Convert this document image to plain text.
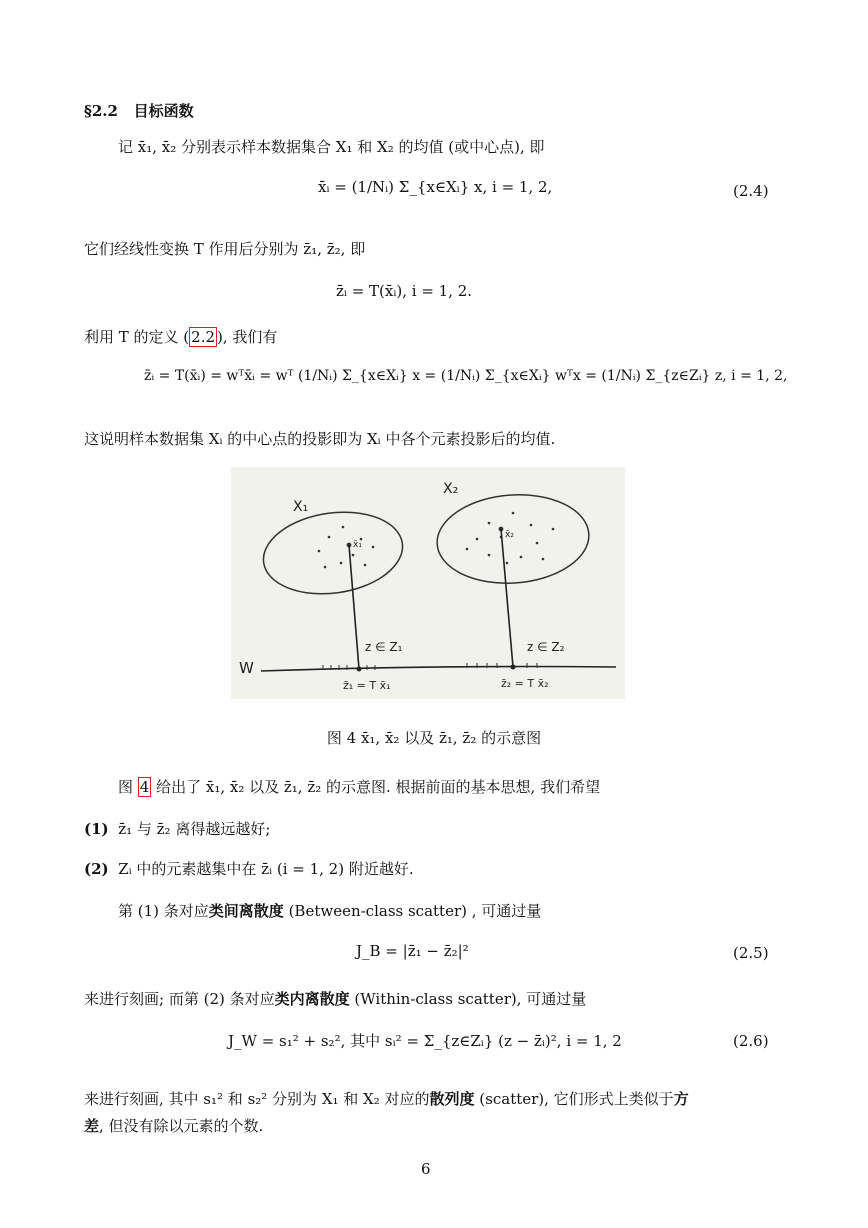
§2.2 目标函数
记 x̄₁, x̄₂ 分别表示样本数据集合 X₁ 和 X₂ 的均值 (或中心点), 即
x̄ᵢ = (1/Nᵢ) Σ_{x∈Xᵢ} x, i = 1, 2,	(2.4)
它们经线性变换 T 作用后分别为 z̄₁, z̄₂, 即
z̄ᵢ = T(x̄ᵢ), i = 1, 2.
利用 T 的定义 ( 2.2 ), 我们有
z̄ᵢ = T(x̄ᵢ) = wᵀx̄ᵢ = wᵀ (1/Nᵢ) Σ_{x∈Xᵢ} x = (1/Nᵢ) Σ_{x∈Xᵢ} wᵀx = (1/Nᵢ) Σ_{z∈Zᵢ} z, i = 1, 2,
这说明样本数据集 Xᵢ 的中心点的投影即为 Xᵢ 中各个元素投影后的均值.
X₁
X₂
x̄₁
x̄₂
z ∈ Z₁	z ∈ Z₂
W
z̄₁ = T x̄₁	z̄₂ = T x̄₂
图 4 x̄₁, x̄₂ 以及 z̄₁, z̄₂ 的示意图
图 4 给出了 x̄₁, x̄₂ 以及 z̄₁, z̄₂ 的示意图. 根据前面的基本思想, 我们希望
(1) z̄₁ 与 z̄₂ 离得越远越好;
(2) Zᵢ 中的元素越集中在 z̄ᵢ (i = 1, 2) 附近越好.
第 (1) 条对应类间离散度 (Between-class scatter) , 可通过量
J_B = |z̄₁ − z̄₂|²	(2.5)
来进行刻画; 而第 (2) 条对应类内离散度 (Within-class scatter), 可通过量
J_W = s₁² + s₂², 其中 sᵢ² = Σ_{z∈Zᵢ} (z − z̄ᵢ)², i = 1, 2	(2.6)
来进行刻画, 其中 s₁² 和 s₂² 分别为 X₁ 和 X₂ 对应的散列度 (scatter), 它们形式上类似于方
差, 但没有除以元素的个数.
6
